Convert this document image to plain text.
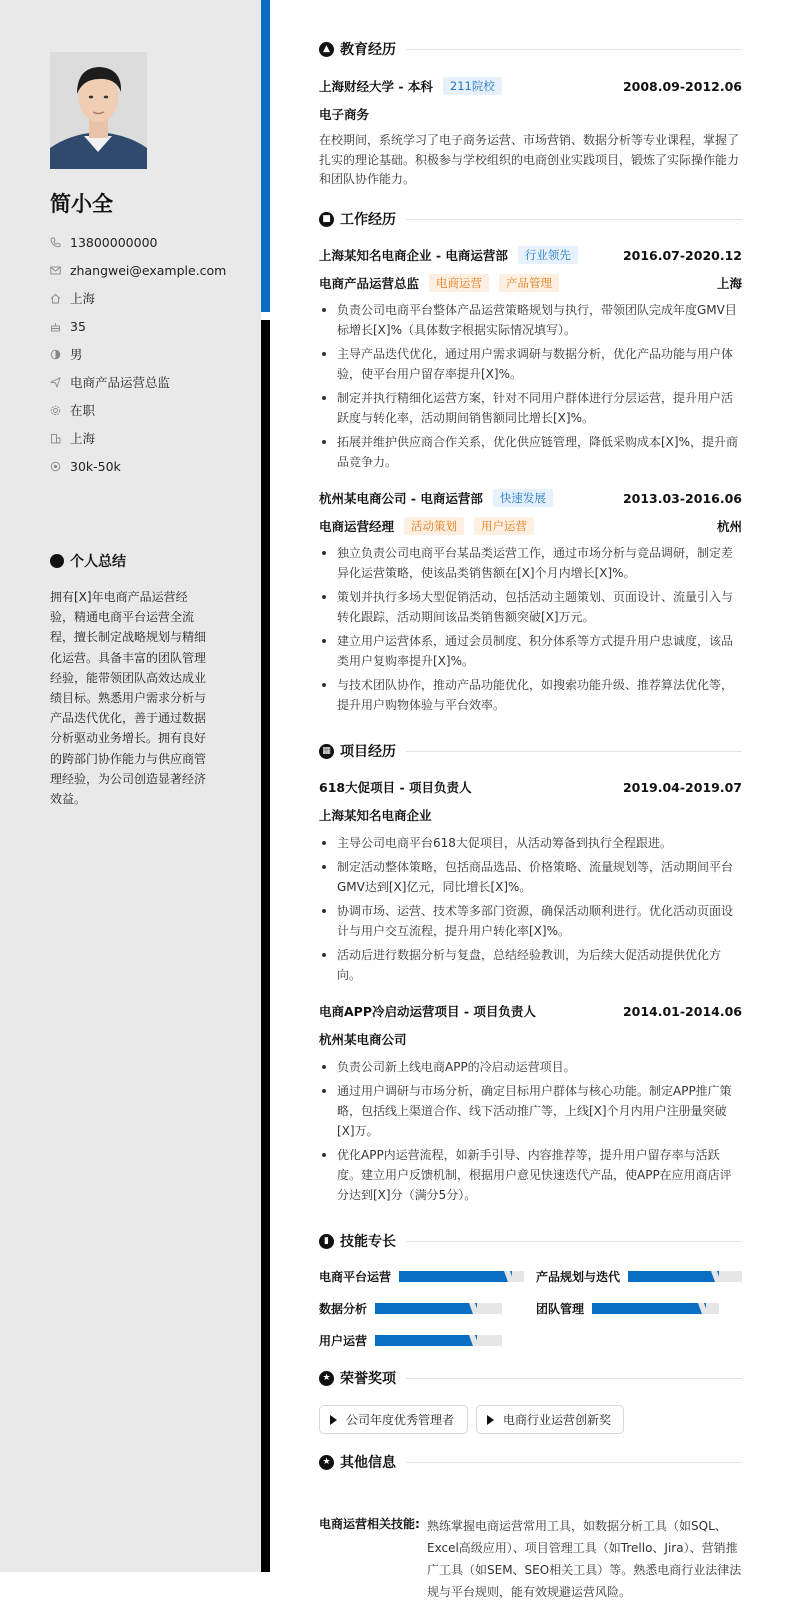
简小全
13800000000
zhangwei@example.com
上海
35
男
电商产品运营总监
在职
上海
30k-50k
个人总结

拥有[X]年电商产品运营经验，精通电商平台运营全流程，擅长制定战略规划与精细化运营。具备丰富的团队管理经验，能带领团队高效达成业绩目标。熟悉用户需求分析与产品迭代优化，善于通过数据分析驱动业务增长。拥有良好的跨部门协作能力与供应商管理经验，为公司创造显著经济效益。

▲ 教育经历
上海财经大学 - 本科	211院校	2008.09-2012.06
电子商务

在校期间，系统学习了电子商务运营、市场营销、数据分析等专业课程，掌握了扎实的理论基础。积极参与学校组织的电商创业实践项目，锻炼了实际操作能力和团队协作能力。

■ 工作经历
上海某知名电商企业 - 电商运营部	行业领先	2016.07-2020.12
电商产品运营总监	电商运营	产品管理	上海
负责公司电商平台整体产品运营策略规划与执行，带领团队完成年度GMV目标增长[X]%（具体数字根据实际情况填写）。
主导产品迭代优化，通过用户需求调研与数据分析，优化产品功能与用户体验，使平台用户留存率提升[X]%。
制定并执行精细化运营方案，针对不同用户群体进行分层运营，提升用户活跃度与转化率，活动期间销售额同比增长[X]%。
拓展并维护供应商合作关系，优化供应链管理，降低采购成本[X]%，提升商品竞争力。
杭州某电商公司 - 电商运营部	快速发展	2013.03-2016.06
电商运营经理	活动策划	用户运营	杭州
独立负责公司电商平台某品类运营工作，通过市场分析与竞品调研，制定差异化运营策略，使该品类销售额在[X]个月内增长[X]%。
策划并执行多场大型促销活动，包括活动主题策划、页面设计、流量引入与转化跟踪，活动期间该品类销售额突破[X]万元。
建立用户运营体系，通过会员制度、积分体系等方式提升用户忠诚度，该品类用户复购率提升[X]%。
与技术团队协作，推动产品功能优化，如搜索功能升级、推荐算法优化等，提升用户购物体验与平台效率。
▦ 项目经历
618大促项目 - 项目负责人	2019.04-2019.07
上海某知名电商企业
主导公司电商平台618大促项目，从活动筹备到执行全程跟进。
制定活动整体策略，包括商品选品、价格策略、流量规划等，活动期间平台GMV达到[X]亿元，同比增长[X]%。
协调市场、运营、技术等多部门资源，确保活动顺利进行。优化活动页面设计与用户交互流程，提升用户转化率[X]%。
活动后进行数据分析与复盘，总结经验教训，为后续大促活动提供优化方向。
电商APP冷启动运营项目 - 项目负责人	2014.01-2014.06
杭州某电商公司
负责公司新上线电商APP的冷启动运营项目。
通过用户调研与市场分析，确定目标用户群体与核心功能。制定APP推广策略，包括线上渠道合作、线下活动推广等，上线[X]个月内用户注册量突破[X]万。
优化APP内运营流程，如新手引导、内容推荐等，提升用户留存率与活跃度。建立用户反馈机制，根据用户意见快速迭代产品，使APP在应用商店评分达到[X]分（满分5分）。
▮ 技能专长
电商平台运营	产品规划与迭代
数据分析	团队管理
用户运营
★ 荣誉奖项
公司年度优秀管理者	电商行业运营创新奖
★ 其他信息
电商运营相关技能: 熟练掌握电商运营常用工具，如数据分析工具（如SQL、Excel高级应用）、项目管理工具（如Trello、Jira）、营销推广工具（如SEM、SEO相关工具）等。熟悉电商行业法律法规与平台规则，能有效规避运营风险。
